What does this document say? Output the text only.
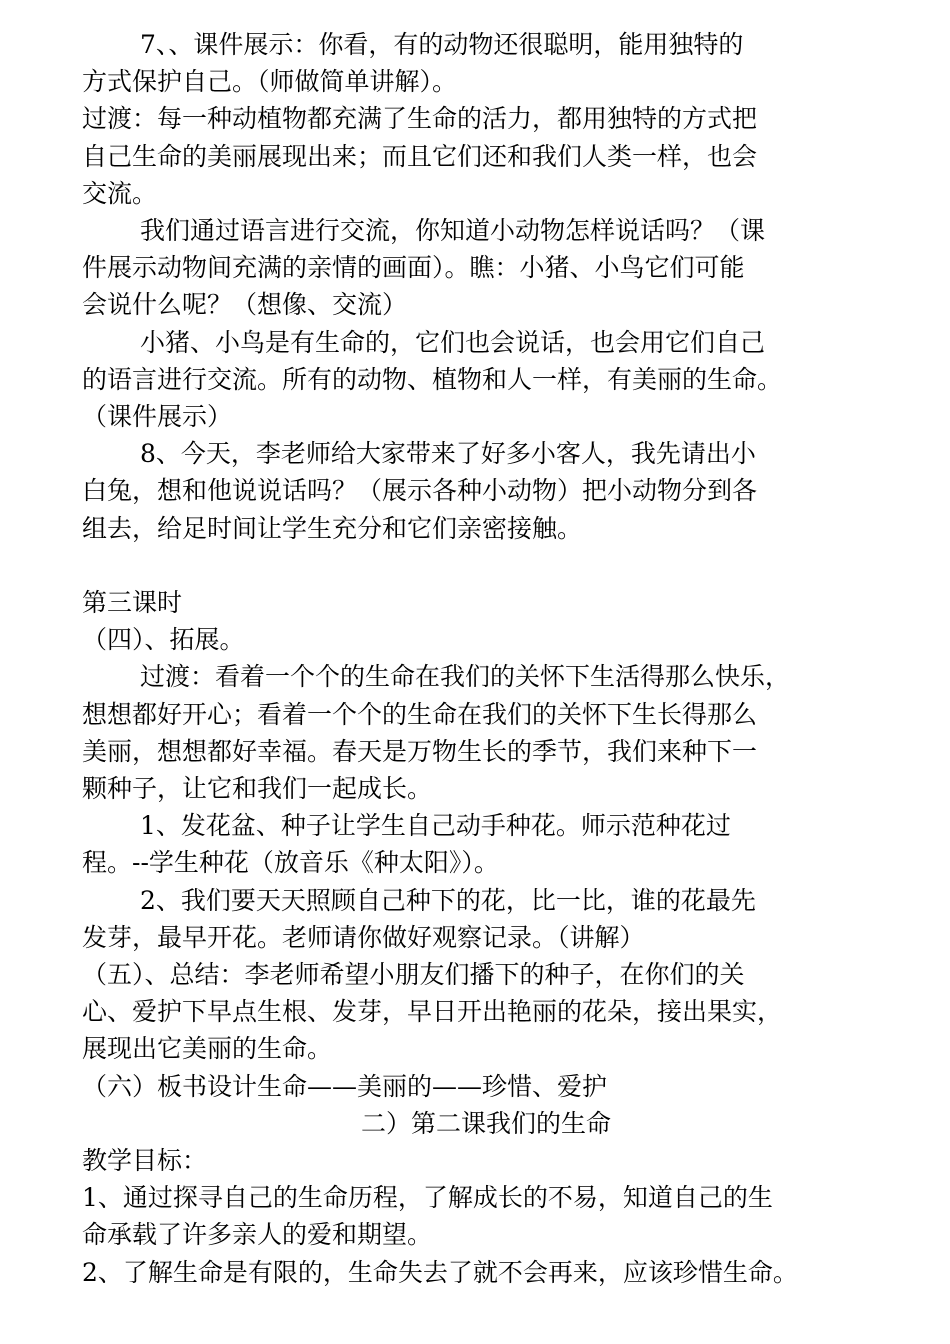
7、、课件展示：你看，有的动物还很聪明，能用独特的
方式保护自己。（师做简单讲解）。
过渡：每一种动植物都充满了生命的活力，都用独特的方式把
自己生命的美丽展现出来；而且它们还和我们人类一样，也会
交流。
我们通过语言进行交流，你知道小动物怎样说话吗？（课
件展示动物间充满的亲情的画面）。瞧：小猪、小鸟它们可能
会说什么呢？（想像、交流）
小猪、小鸟是有生命的，它们也会说话，也会用它们自己
的语言进行交流。所有的动物、植物和人一样，有美丽的生命。
（课件展示）
8、今天，李老师给大家带来了好多小客人，我先请出小
白兔，想和他说说话吗？（展示各种小动物）把小动物分到各
组去，给足时间让学生充分和它们亲密接触。
第三课时
（四）、拓展。
过渡：看着一个个的生命在我们的关怀下生活得那么快乐，
想想都好开心；看着一个个的生命在我们的关怀下生长得那么
美丽，想想都好幸福。春天是万物生长的季节，我们来种下一
颗种子，让它和我们一起成长。
1、发花盆、种子让学生自己动手种花。师示范种花过
程。--学生种花（放音乐《种太阳》）。
2、我们要天天照顾自己种下的花，比一比，谁的花最先
发芽，最早开花。老师请你做好观察记录。（讲解）
（五）、总结：李老师希望小朋友们播下的种子，在你们的关
心、爱护下早点生根、发芽，早日开出艳丽的花朵，接出果实，
展现出它美丽的生命。
（六）板书设计生命——美丽的——珍惜、爱护
二）第二课我们的生命
教学目标：
1、通过探寻自己的生命历程，了解成长的不易，知道自己的生
命承载了许多亲人的爱和期望。
2、了解生命是有限的，生命失去了就不会再来，应该珍惜生命。
